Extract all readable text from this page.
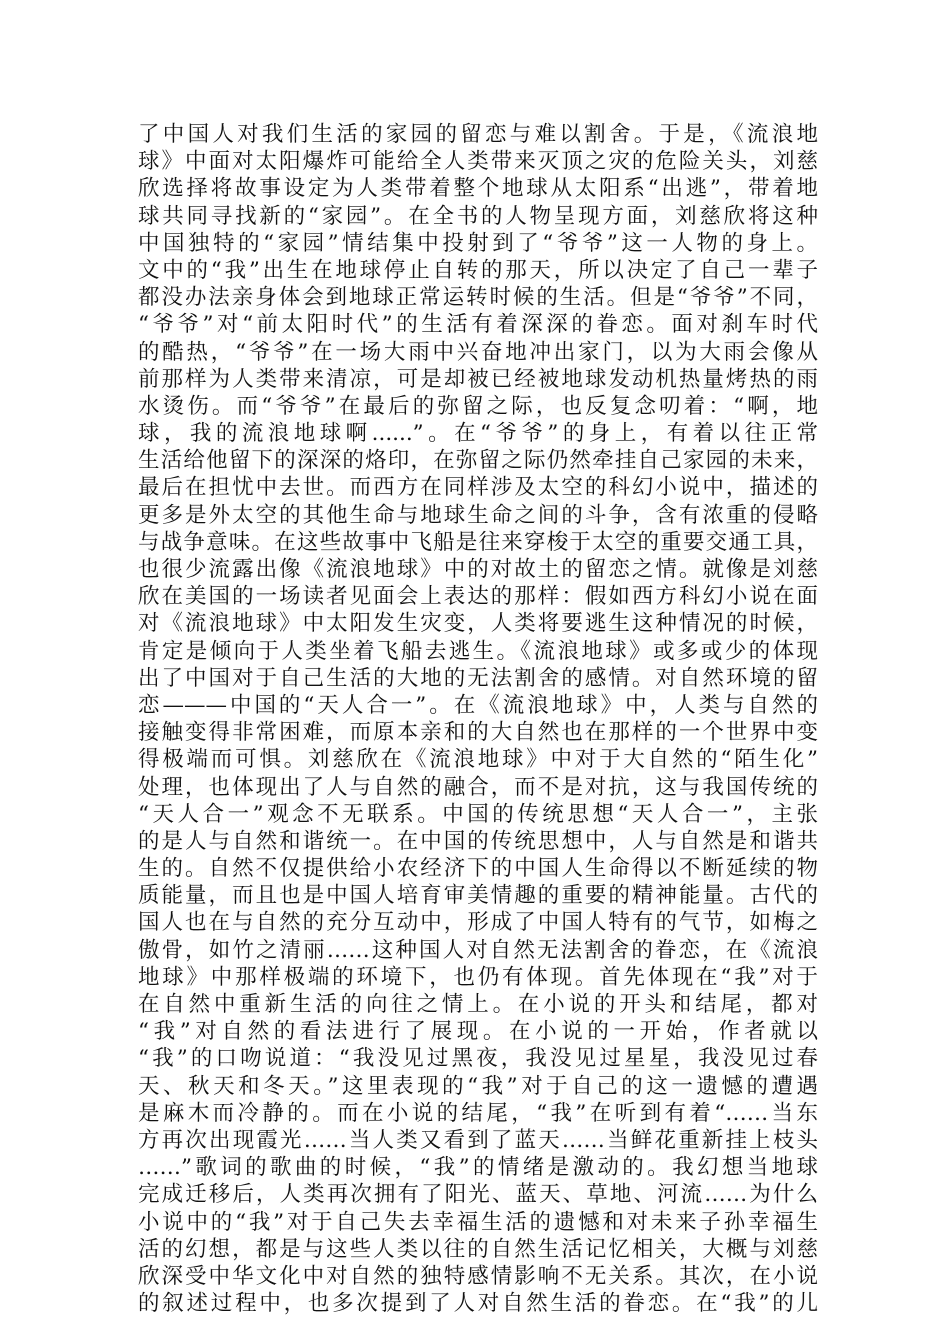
了中国人对我们生活的家园的留恋与难以割舍。于是，《流浪地
球》中面对太阳爆炸可能给全人类带来灭顶之灾的危险关头，刘慈
欣选择将故事设定为人类带着整个地球从太阳系“出逃”，带着地
球共同寻找新的“家园”。在全书的人物呈现方面，刘慈欣将这种
中国独特的“家园”情结集中投射到了“爷爷”这一人物的身上。
文中的“我”出生在地球停止自转的那天，所以决定了自己一辈子
都没办法亲身体会到地球正常运转时候的生活。但是“爷爷”不同，
“爷爷”对“前太阳时代”的生活有着深深的眷恋。面对刹车时代
的酷热，“爷爷”在一场大雨中兴奋地冲出家门，以为大雨会像从
前那样为人类带来清凉，可是却被已经被地球发动机热量烤热的雨
水烫伤。而“爷爷”在最后的弥留之际，也反复念叨着：“啊，地
球，我的流浪地球啊......”。在“爷爷”的身上，有着以往正常
生活给他留下的深深的烙印，在弥留之际仍然牵挂自己家园的未来，
最后在担忧中去世。而西方在同样涉及太空的科幻小说中，描述的
更多是外太空的其他生命与地球生命之间的斗争，含有浓重的侵略
与战争意味。在这些故事中飞船是往来穿梭于太空的重要交通工具，
也很少流露出像《流浪地球》中的对故土的留恋之情。就像是刘慈
欣在美国的一场读者见面会上表达的那样：假如西方科幻小说在面
对《流浪地球》中太阳发生灾变，人类将要逃生这种情况的时候，
肯定是倾向于人类坐着飞船去逃生。《流浪地球》或多或少的体现
出了中国对于自己生活的大地的无法割舍的感情。对自然环境的留
恋———中国的“天人合一”。在《流浪地球》中，人类与自然的
接触变得非常困难，而原本亲和的大自然也在那样的一个世界中变
得极端而可惧。刘慈欣在《流浪地球》中对于大自然的“陌生化”
处理，也体现出了人与自然的融合，而不是对抗，这与我国传统的
“天人合一”观念不无联系。中国的传统思想“天人合一”，主张
的是人与自然和谐统一。在中国的传统思想中，人与自然是和谐共
生的。自然不仅提供给小农经济下的中国人生命得以不断延续的物
质能量，而且也是中国人培育审美情趣的重要的精神能量。古代的
国人也在与自然的充分互动中，形成了中国人特有的气节，如梅之
傲骨，如竹之清丽……这种国人对自然无法割舍的眷恋，在《流浪
地球》中那样极端的环境下，也仍有体现。首先体现在“我”对于
在自然中重新生活的向往之情上。在小说的开头和结尾，都对
“我”对自然的看法进行了展现。在小说的一开始，作者就以
“我”的口吻说道：“我没见过黑夜，我没见过星星，我没见过春
天、秋天和冬天。”这里表现的“我”对于自己的这一遗憾的遭遇
是麻木而冷静的。而在小说的结尾，“我”在听到有着“……当东
方再次出现霞光……当人类又看到了蓝天……当鲜花重新挂上枝头
……”歌词的歌曲的时候，“我”的情绪是激动的。我幻想当地球
完成迁移后，人类再次拥有了阳光、蓝天、草地、河流……为什么
小说中的“我”对于自己失去幸福生活的遗憾和对未来子孙幸福生
活的幻想，都是与这些人类以往的自然生活记忆相关，大概与刘慈
欣深受中华文化中对自然的独特感情影响不无关系。其次，在小说
的叙述过程中，也多次提到了人对自然生活的眷恋。在“我”的儿
